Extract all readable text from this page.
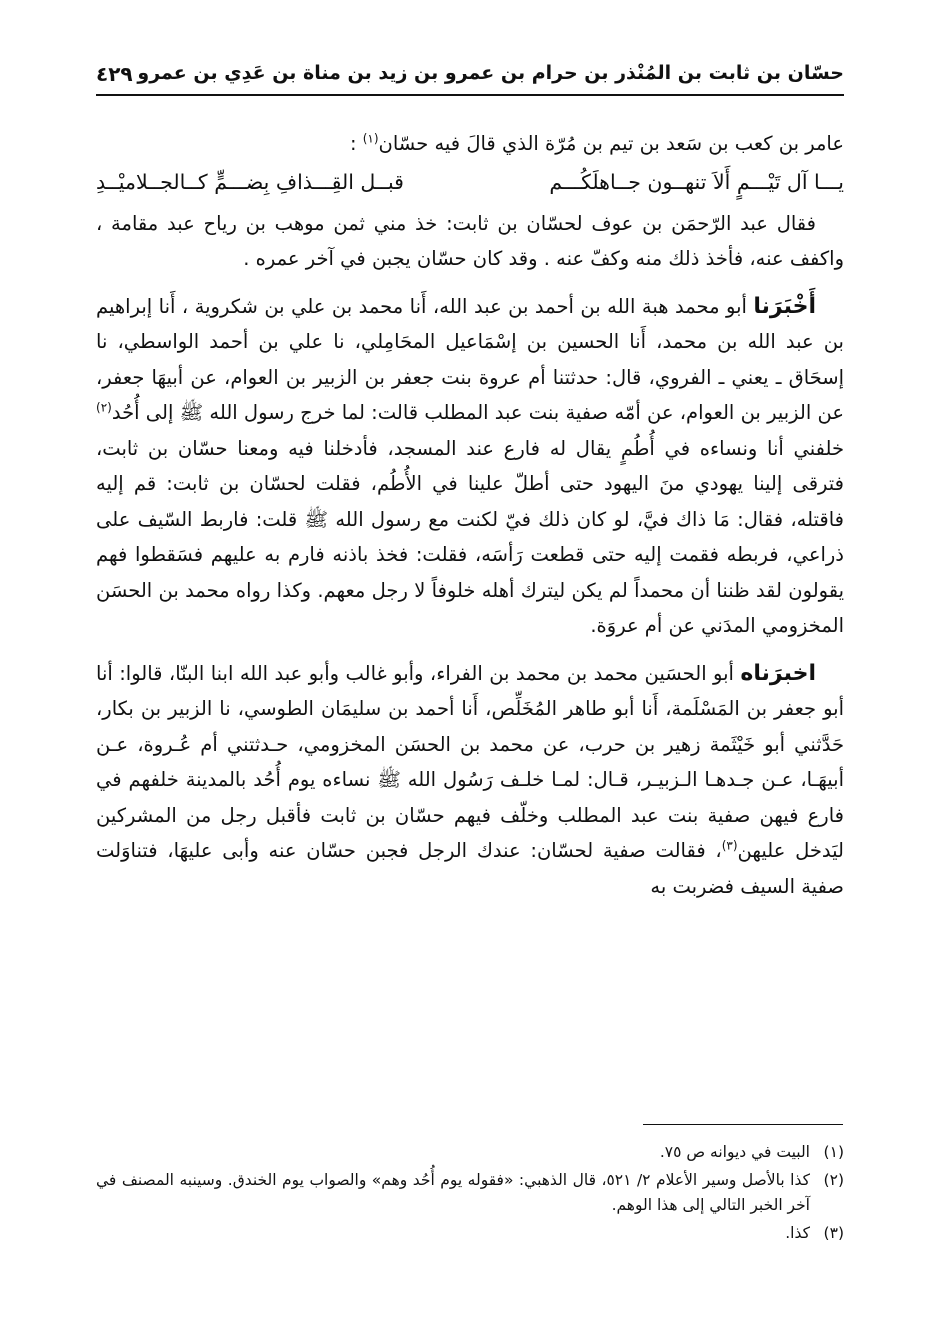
حسّان بن ثابت بن المُنْذر بن حرام بن عمرو بن زيد بن مناة بن عَدِي بن عمرو
٤٢٩

عامر بن كعب بن سَعد بن تيم بن مُرّة الذي قالَ فيه حسّان$^{(١)}$ :

يـــا آل تَيْـــمٍ أَلاَ تنهــون جــاهلَكُـــم
قبــل القِـــذافِ بِضـــمٍّ كــالجــلاميْــدِ

فقال عبد الرّحمَن بن عوف لحسّان بن ثابت: خذ مني ثمن موهب بن رياح عبد مقامة ، واكفف عنه، فأخذ ذلك منه وكفّ عنه . وقد كان حسّان يجبن في آخر عمره .

أَخْبَرَنا أبو محمد هبة الله بن أحمد بن عبد الله، أَنا محمد بن علي بن شكروية ، أَنا إبراهيم بن عبد الله بن محمد، أَنا الحسين بن إسْمَاعيل المحَامِلي، نا علي بن أحمد الواسطي، نا إسحَاق ـ يعني ـ الفروي، قال: حدثتنا أم عروة بنت جعفر بن الزبير بن العوام، عن أبيهَا جعفر، عن الزبير بن العوام، عن أمّه صفية بنت عبد المطلب قالت: لما خرج رسول الله ﷺ إلى أُحُد$^{(٢)}$ خلفني أنا ونساءه في أُطُمٍ يقال له فارع عند المسجد، فأدخلنا فيه ومعنا حسّان بن ثابت، فترقى إلينا يهودي منَ اليهود حتى أطلّ علينا في الأُطُم، فقلت لحسّان بن ثابت: قم إليه فاقتله، فقال: مَا ذاك فيَّ، لو كان ذلك فيّ لكنت مع رسول الله ﷺ قلت: فاربط السّيف على ذراعي، فربطه فقمت إليه حتى قطعت رَأسَه، فقلت: فخذ باذنه فارم به عليهم فسَقطوا فهم يقولون لقد ظننا أن محمداً لم يكن ليترك أهله خلوفاً لا رجل معهم. وكذا رواه محمد بن الحسَن المخزومي المدَني عن أم عروَة.

اخبرَناه أبو الحسَين محمد بن محمد بن الفراء، وأبو غالب وأبو عبد الله ابنا البنّا، قالوا: أنا أبو جعفر بن المَسْلَمة، أَنا أبو طاهر المُخَلِّص، أَنا أحمد بن سليمَان الطوسي، نا الزبير بن بكار، حَدَّثني أبو خَيْثَمة زهير بن حرب، عن محمد بن الحسَن المخزومي، حـدثتني أم عُـروة، عـن أبيهَـا، عـن جـدهـا الـزبيـر، قـال: لمـا خلـف رَسُول الله ﷺ نساءه يوم أُحُد بالمدينة خلفهم في فارع فيهن صفية بنت عبد المطلب وخلّف فيهم حسّان بن ثابت فأقبل رجل من المشركين ليَدخل عليهن$^{(٣)}$، فقالت صفية لحسّان: عندك الرجل فجبن حسّان عنه وأبى عليهَا، فتناوَلت صفية السيف فضربت به

(١)
البيت في ديوانه ص ٧٥.
(٢)
كذا بالأصل وسير الأعلام ٢/ ٥٢١، قال الذهبي: «فقوله يوم أُحُد وهم» والصواب يوم الخندق. وسينبه المصنف في آخر الخبر التالي إلى هذا الوهم.
(٣)
كذا.
